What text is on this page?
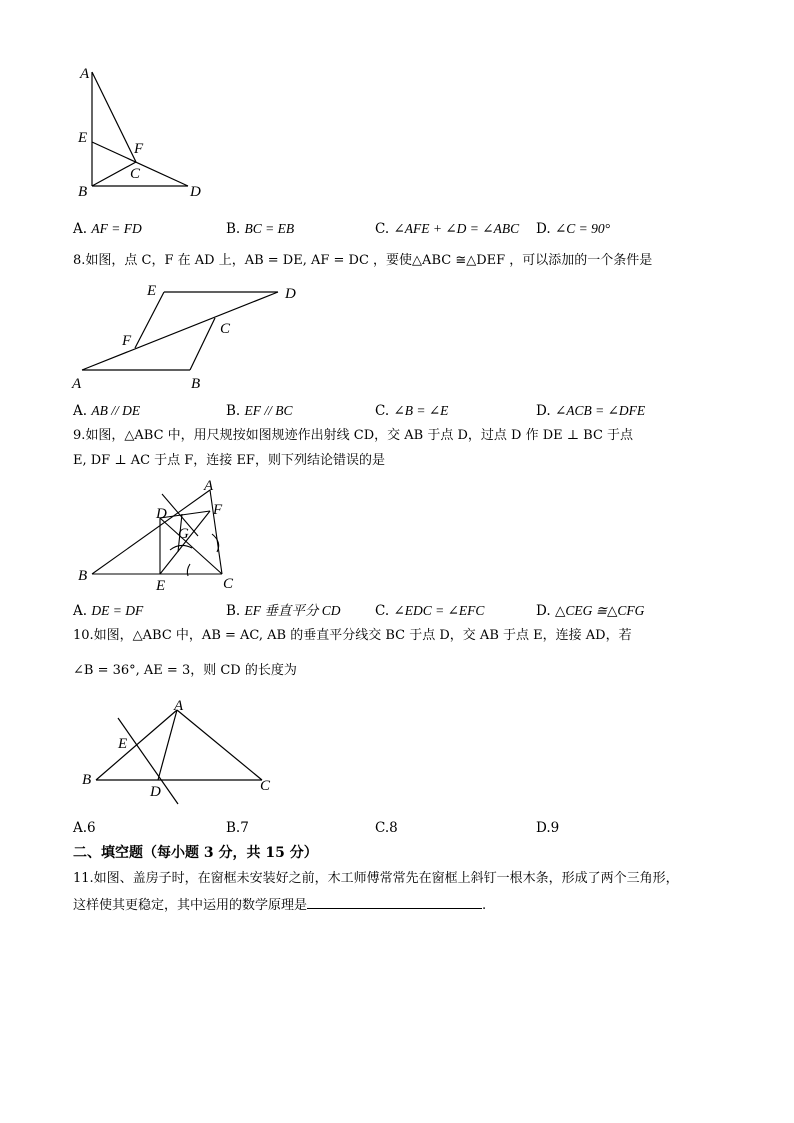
A
E
F
C
B	D
A. AF = FD	B. BC = EB	C. ∠AFE + ∠D = ∠ABC D. ∠C = 90°
8.如图，点 C，F 在 AD 上，AB = DE, AF = DC ，要使△ABC ≅△DEF ，可以添加的一个条件是
E	D
C
F
A	B
A. AB // DE	B. EF // BC	C. ∠B = ∠E	D. ∠ACB = ∠DFE
9.如图，△ABC 中，用尺规按如图规迹作出射线 CD，交 AB 于点 D，过点 D 作 DE ⊥ BC 于点
E, DF ⊥ AC 于点 F，连接 EF，则下列结论错误的是
A
D	F
G
B
E	C
A. DE = DF	B. EF 垂直平分 CD	C. ∠EDC = ∠EFC	D. △CEG ≅△CFG
10.如图，△ABC 中，AB = AC, AB 的垂直平分线交 BC 于点 D，交 AB 于点 E，连接 AD，若
∠B = 36°, AE = 3，则 CD 的长度为
A
E
B
D	C
A.6	B.7	C.8	D.9
二、填空题（每小题 3 分，共 15 分）
11.如图、盖房子时，在窗框未安装好之前，木工师傅常常先在窗框上斜钉一根木条，形成了两个三角形，
这样使其更稳定，其中运用的数学原理是	.
